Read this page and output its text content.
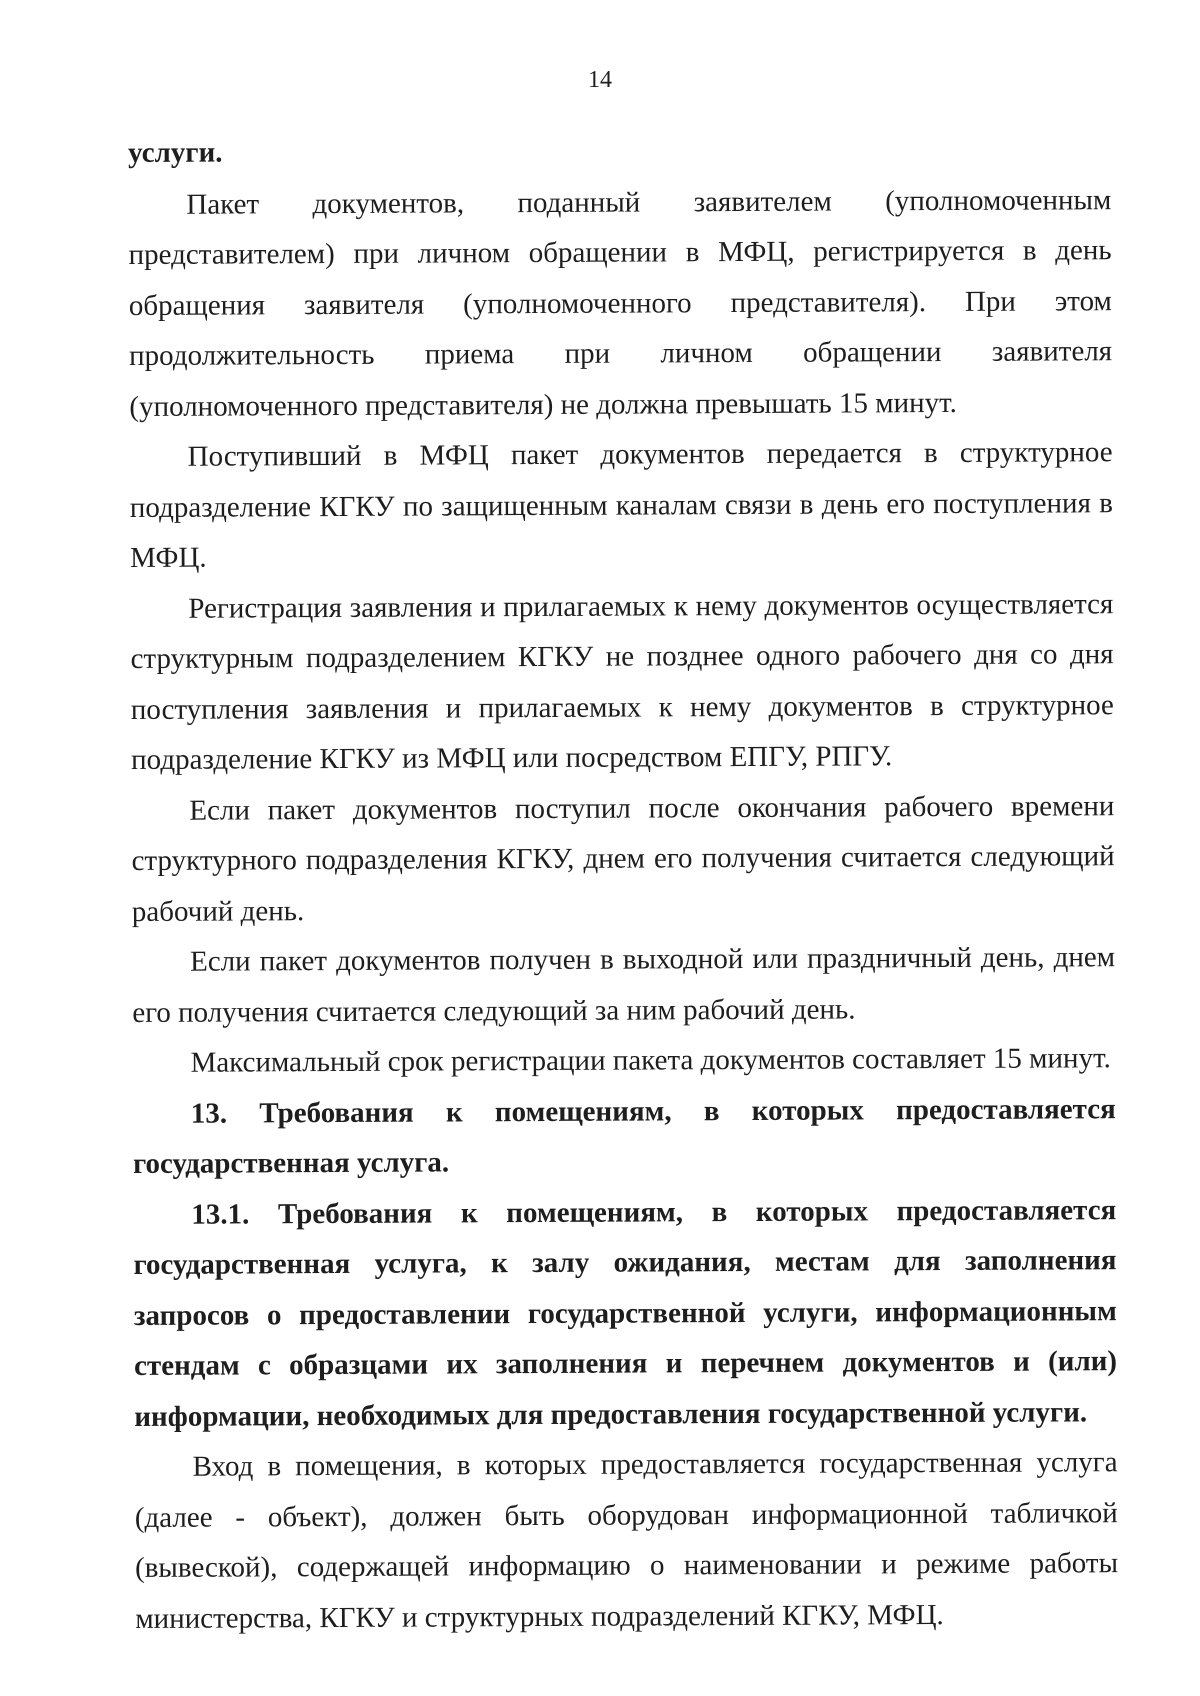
14

услуги.

Пакет документов, поданный заявителем (уполномоченным представителем) при личном обращении в МФЦ, регистрируется в день обращения заявителя (уполномоченного представителя). При этом продолжительность приема при личном обращении заявителя (уполномоченного представителя) не должна превышать 15 минут.

Поступивший в МФЦ пакет документов передается в структурное подразделение КГКУ по защищенным каналам связи в день его поступления в МФЦ.

Регистрация заявления и прилагаемых к нему документов осуществляется структурным подразделением КГКУ не позднее одного рабочего дня со дня поступления заявления и прилагаемых к нему документов в структурное подразделение КГКУ из МФЦ или посредством ЕПГУ, РПГУ.

Если пакет документов поступил после окончания рабочего времени структурного подразделения КГКУ, днем его получения считается следующий рабочий день.

Если пакет документов получен в выходной или праздничный день, днем его получения считается следующий за ним рабочий день.

Максимальный срок регистрации пакета документов составляет 15 минут.

13. Требования к помещениям, в которых предоставляется государственная услуга.

13.1. Требования к помещениям, в которых предоставляется государственная услуга, к залу ожидания, местам для заполнения запросов о предоставлении государственной услуги, информационным стендам с образцами их заполнения и перечнем документов и (или) информации, необходимых для предоставления государственной услуги.

Вход в помещения, в которых предоставляется государственная услуга (далее - объект), должен быть оборудован информационной табличкой (вывеской), содержащей информацию о наименовании и режиме работы министерства, КГКУ и структурных подразделений КГКУ, МФЦ.
